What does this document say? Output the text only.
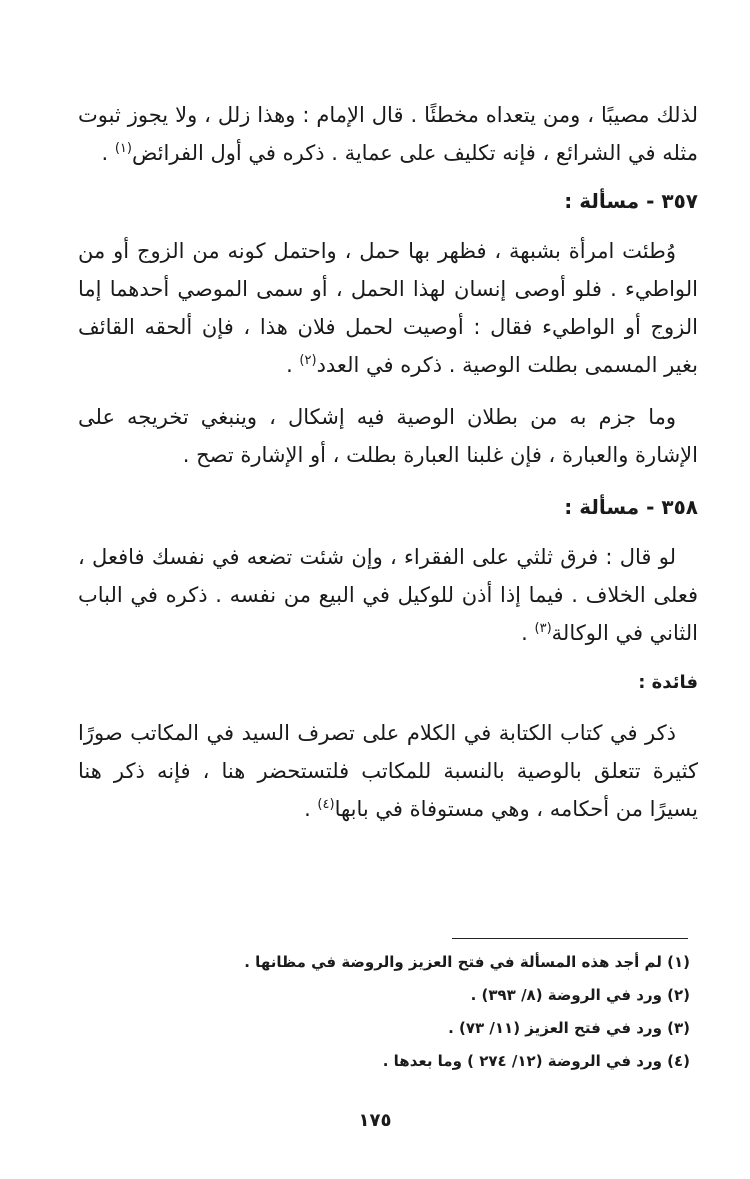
لذلك مصيبًا ، ومن يتعداه مخطئًا . قال الإمام : وهذا زلل ، ولا يجوز ثبوت مثله في الشرائع ، فإنه تكليف على عماية . ذكره في أول الفرائض$^{(١)}$ .

٣٥٧ - مسألة :

وُطئت امرأة بشبهة ، فظهر بها حمل ، واحتمل كونه من الزوج أو من الواطيء . فلو أوصى إنسان لهذا الحمل ، أو سمى الموصي أحدهما إما الزوج أو الواطيء فقال : أوصيت لحمل فلان هذا ، فإن ألحقه القائف بغير المسمى بطلت الوصية . ذكره في العدد$^{(٢)}$ .

وما جزم به من بطلان الوصية فيه إشكال ، وينبغي تخريجه على الإشارة والعبارة ، فإن غلبنا العبارة بطلت ، أو الإشارة تصح .

٣٥٨ - مسألة :

لو قال : فرق ثلثي على الفقراء ، وإن شئت تضعه في نفسك فافعل ، فعلى الخلاف . فيما إذا أذن للوكيل في البيع من نفسه . ذكره في الباب الثاني في الوكالة$^{(٣)}$ .

فائدة :

ذكر في كتاب الكتابة في الكلام على تصرف السيد في المكاتب صورًا كثيرة تتعلق بالوصية بالنسبة للمكاتب فلتستحضر هنا ، فإنه ذكر هنا يسيرًا من أحكامه ، وهي مستوفاة في بابها$^{(٤)}$ .

(١) لم أجد هذه المسألة في فتح العزيز والروضة في مظانها .

(٢) ورد في الروضة (٨/ ٣٩٣) .

(٣) ورد في فتح العزيز (١١/ ٧٣) .

(٤) ورد في الروضة (١٢/ ٢٧٤ ) وما بعدها .

١٧٥
